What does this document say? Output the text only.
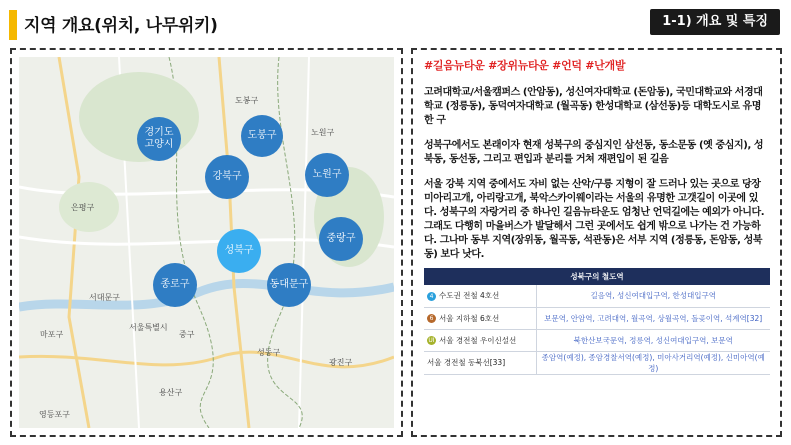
지역 개요(위치, 나무위키)	1-1) 개요 및 특징
도봉구
노원구
은평구
서대문구
마포구
서울특별시
중구
성동구
광진구
용산구
영등포구
경기도
고양시
도봉구
강북구	노원구
중랑구
성북구
종로구	동대문구
#길음뉴타운 #장위뉴타운 #언덕 #난개발

고려대학교/서울캠퍼스 (안암동), 성신여자대학교 (돈암동), 국민대학교와 서경대학교 (정릉동), 동덕여자대학교 (월곡동) 한성대학교 (삼선동)등 대학도시로 유명한 구

성북구에서도 본래이자 현재 성북구의 중심지인 삼선동, 동소문동 (옛 중심지), 성북동, 동선동, 그리고 편입과 분리를 거쳐 재편입이 된 길음

서울 강북 지역 중에서도 자비 없는 산악/구릉 지형이 잘 드러나 있는 곳으로 당장 미아리고개, 아리랑고개, 북악스카이웨이라는 서울의 유명한 고갯길이 이곳에 있다. 성북구의 자랑거리 중 하나인 길음뉴타운도 엄청난 언덕길에는 예외가 아니다. 그래도 다행히 마을버스가 발달해서 그런 곳에서도 쉽게 밖으로 나가는 건 가능하다. 그나마 동부 지역(장위동, 월곡동, 석관동)은 서부 지역 (정릉동, 돈암동, 성북동) 보다 낫다.

성북구의 철도역	
4 수도권 전철 4호선	길음역, 성신여대입구역, 한성대입구역
6 서울 지하철 6호선	보문역, 안암역, 고려대역, 월곡역, 상월곡역, 돌곶이역, 석계역[32]
UI 서울 경전철 우이신설선	북한산보국문역, 정릉역, 성신여대입구역, 보문역
서울 경전철 동북선[33]	종암역(예정), 종암경찰서역(예정), 미아사거리역(예정), 신미아역(예정)
